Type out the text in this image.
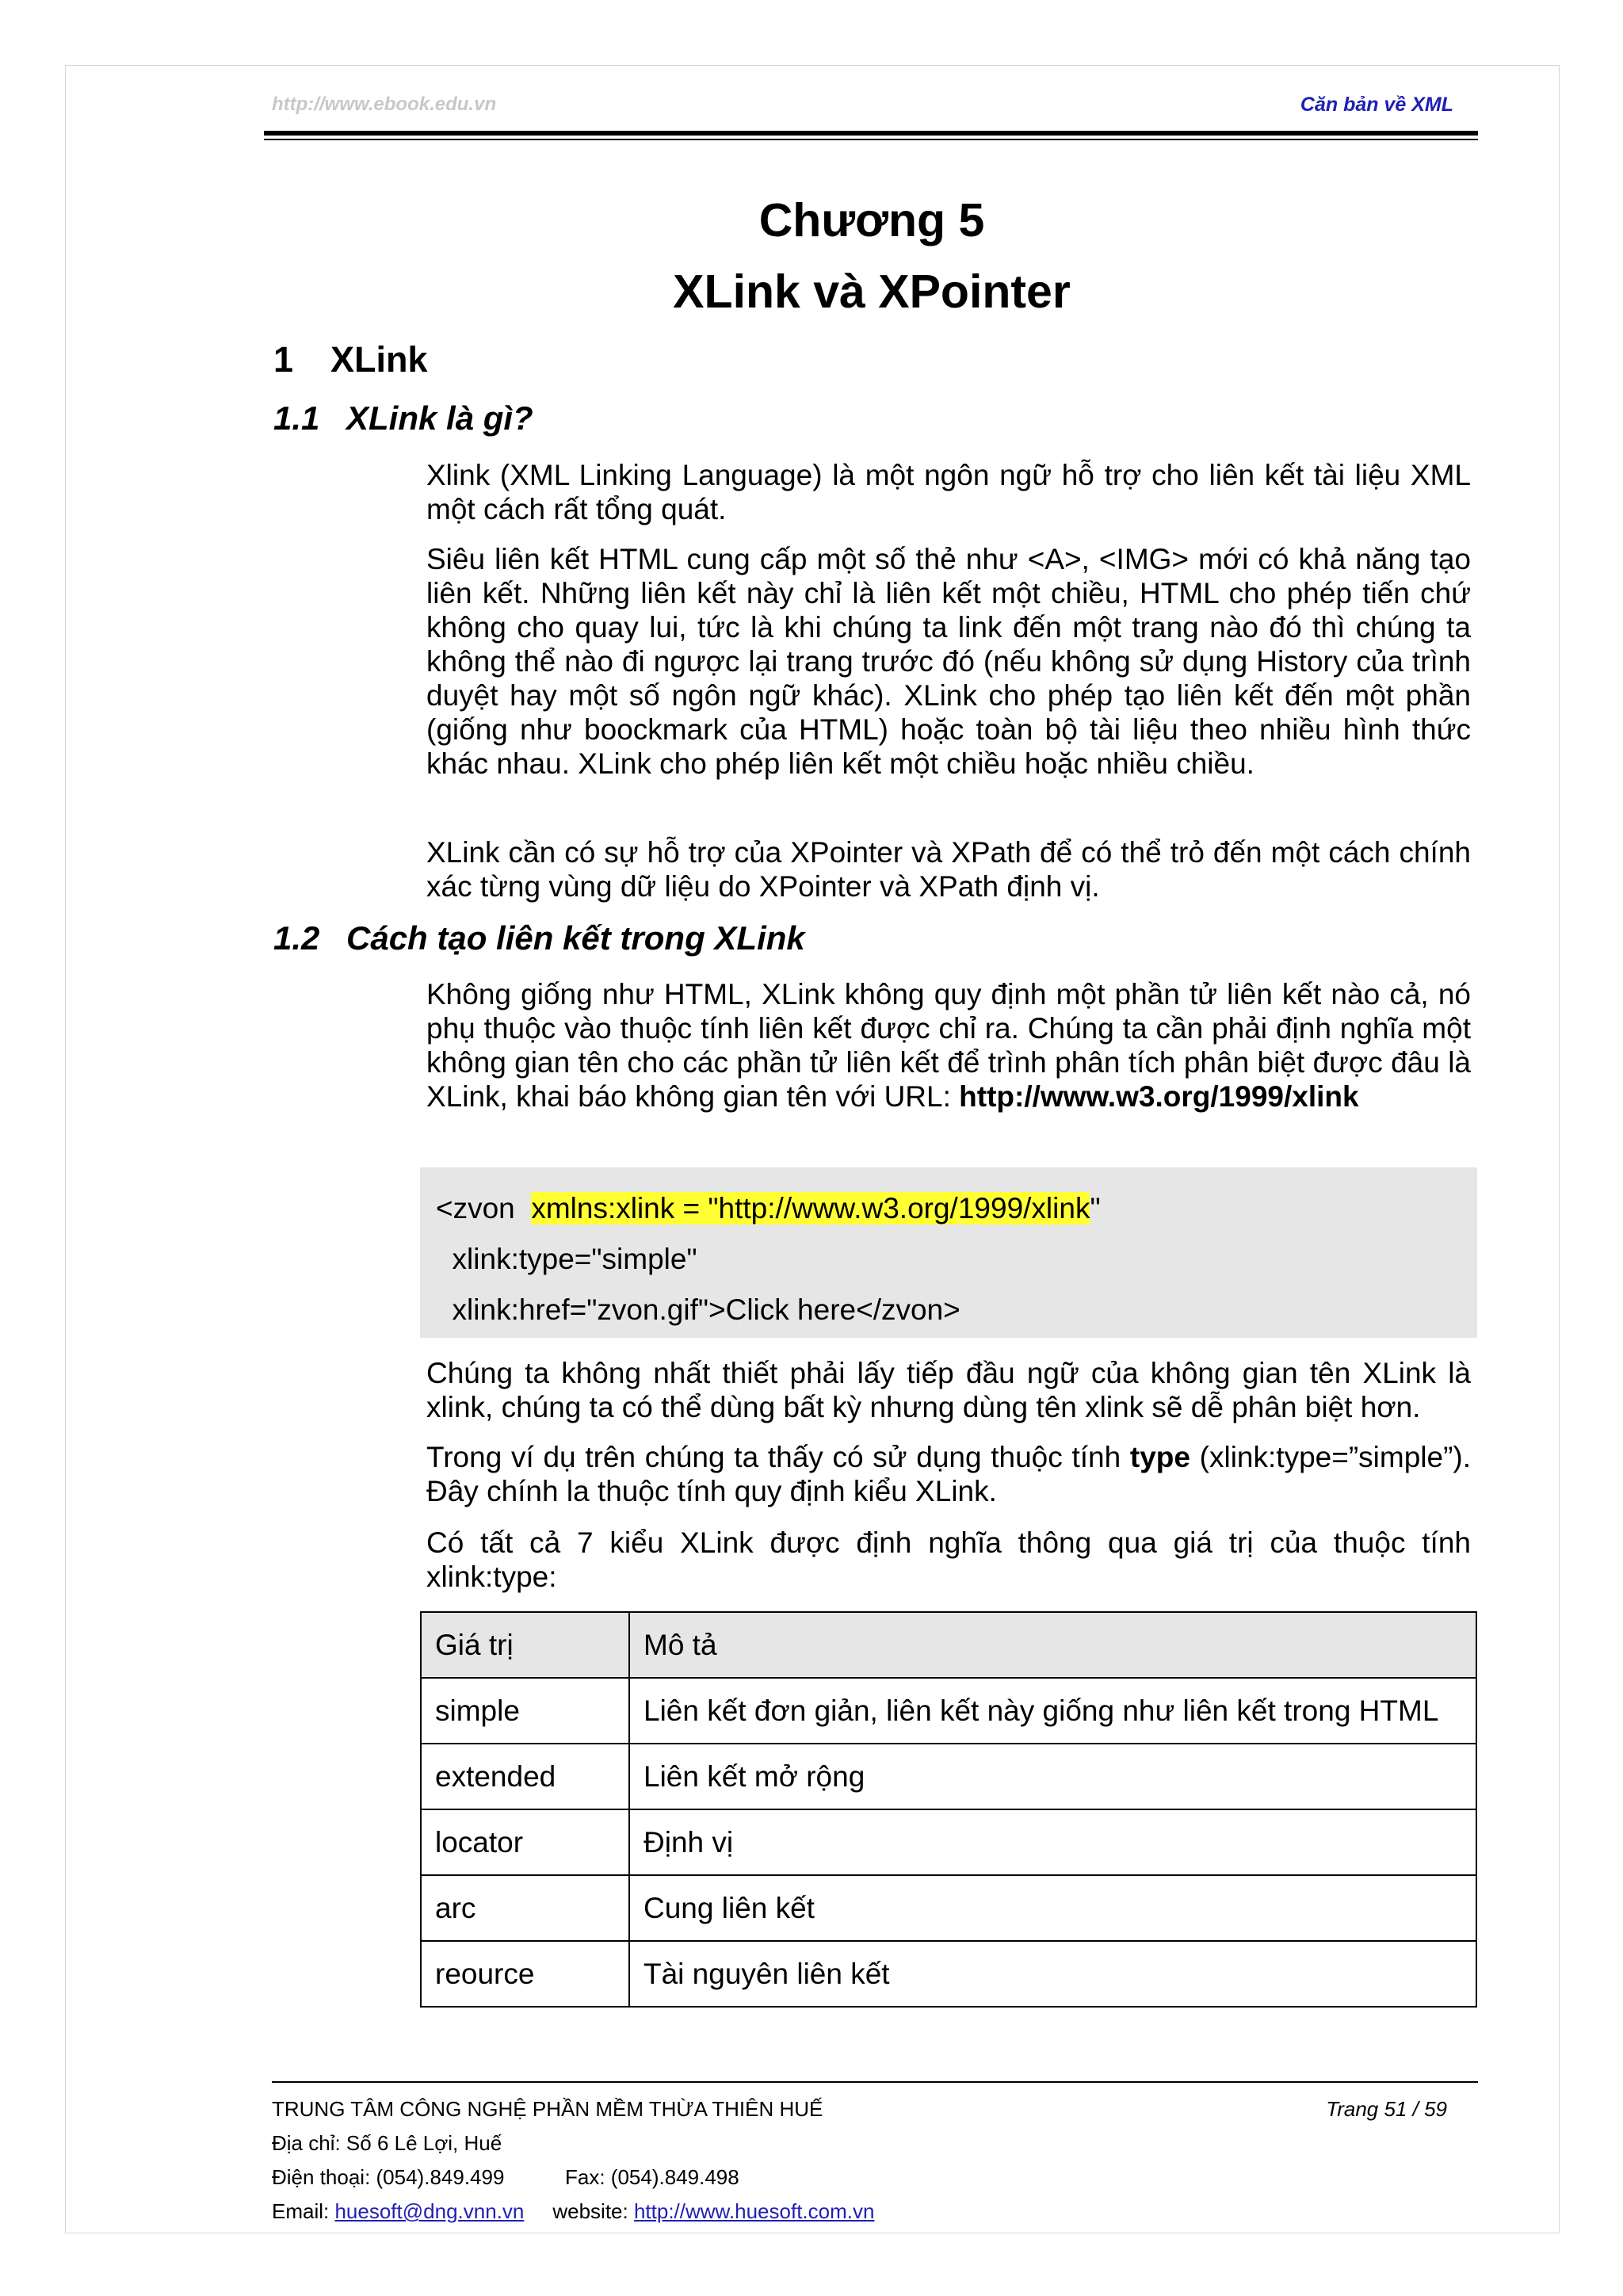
http://www.ebook.edu.vn	Căn bản về XML
Chương 5
XLink và XPointer
1 XLink
1.1 XLink là gì?
Xlink (XML Linking Language) là một ngôn ngữ hỗ trợ cho liên kết tài liệu XML một cách rất tổng quát.
Siêu liên kết HTML cung cấp một số thẻ như <A>, <IMG> mới có khả năng tạo liên kết. Những liên kết này chỉ là liên kết một chiều, HTML cho phép tiến chứ không cho quay lui, tức là khi chúng ta link đến một trang nào đó thì chúng ta không thể nào đi ngược lại trang trước đó (nếu không sử dụng History của trình duyệt hay một số ngôn ngữ khác). XLink cho phép tạo liên kết đến một phần (giống như boockmark của HTML) hoặc toàn bộ tài liệu theo nhiều hình thức khác nhau. XLink cho phép liên kết một chiều hoặc nhiều chiều.
XLink cần có sự hỗ trợ của XPointer và XPath để có thể trỏ đến một cách chính xác từng vùng dữ liệu do XPointer và XPath định vị.
1.2 Cách tạo liên kết trong XLink
Không giống như HTML, XLink không quy định một phần tử liên kết nào cả, nó phụ thuộc vào thuộc tính liên kết được chỉ ra. Chúng ta cần phải định nghĩa một không gian tên cho các phần tử liên kết để trình phân tích phân biệt được đâu là XLink, khai báo không gian tên với URL: http://www.w3.org/1999/xlink
<zvon  xmlns:xlink = "http://www.w3.org/1999/xlink"
xlink:type="simple"
xlink:href="zvon.gif">Click here</zvon>
Chúng ta không nhất thiết phải lấy tiếp đầu ngữ của không gian tên XLink là xlink, chúng ta có thể dùng bất kỳ nhưng dùng tên xlink sẽ dễ phân biệt hơn.
Trong ví dụ trên chúng ta thấy có sử dụng thuộc tính type (xlink:type=”simple”). Đây chính la thuộc tính quy định kiểu XLink.
Có tất cả 7 kiểu XLink được định nghĩa thông qua giá trị của thuộc tính xlink:type:
Giá trị	Mô tả
simple	Liên kết đơn giản, liên kết này giống như liên kết trong HTML
extended	Liên kết mở rộng
locator	Định vị
arc	Cung liên kết
reource	Tài nguyên liên kết
TRUNG TÂM CÔNG NGHỆ PHẦN MỀM THỪA THIÊN HUẾ	Trang 51 / 59
Địa chỉ: Số 6 Lê Lợi, Huế
Điện thoại: (054).849.499	Fax: (054).849.498
Email: huesoft@dng.vnn.vn website: http://www.huesoft.com.vn
